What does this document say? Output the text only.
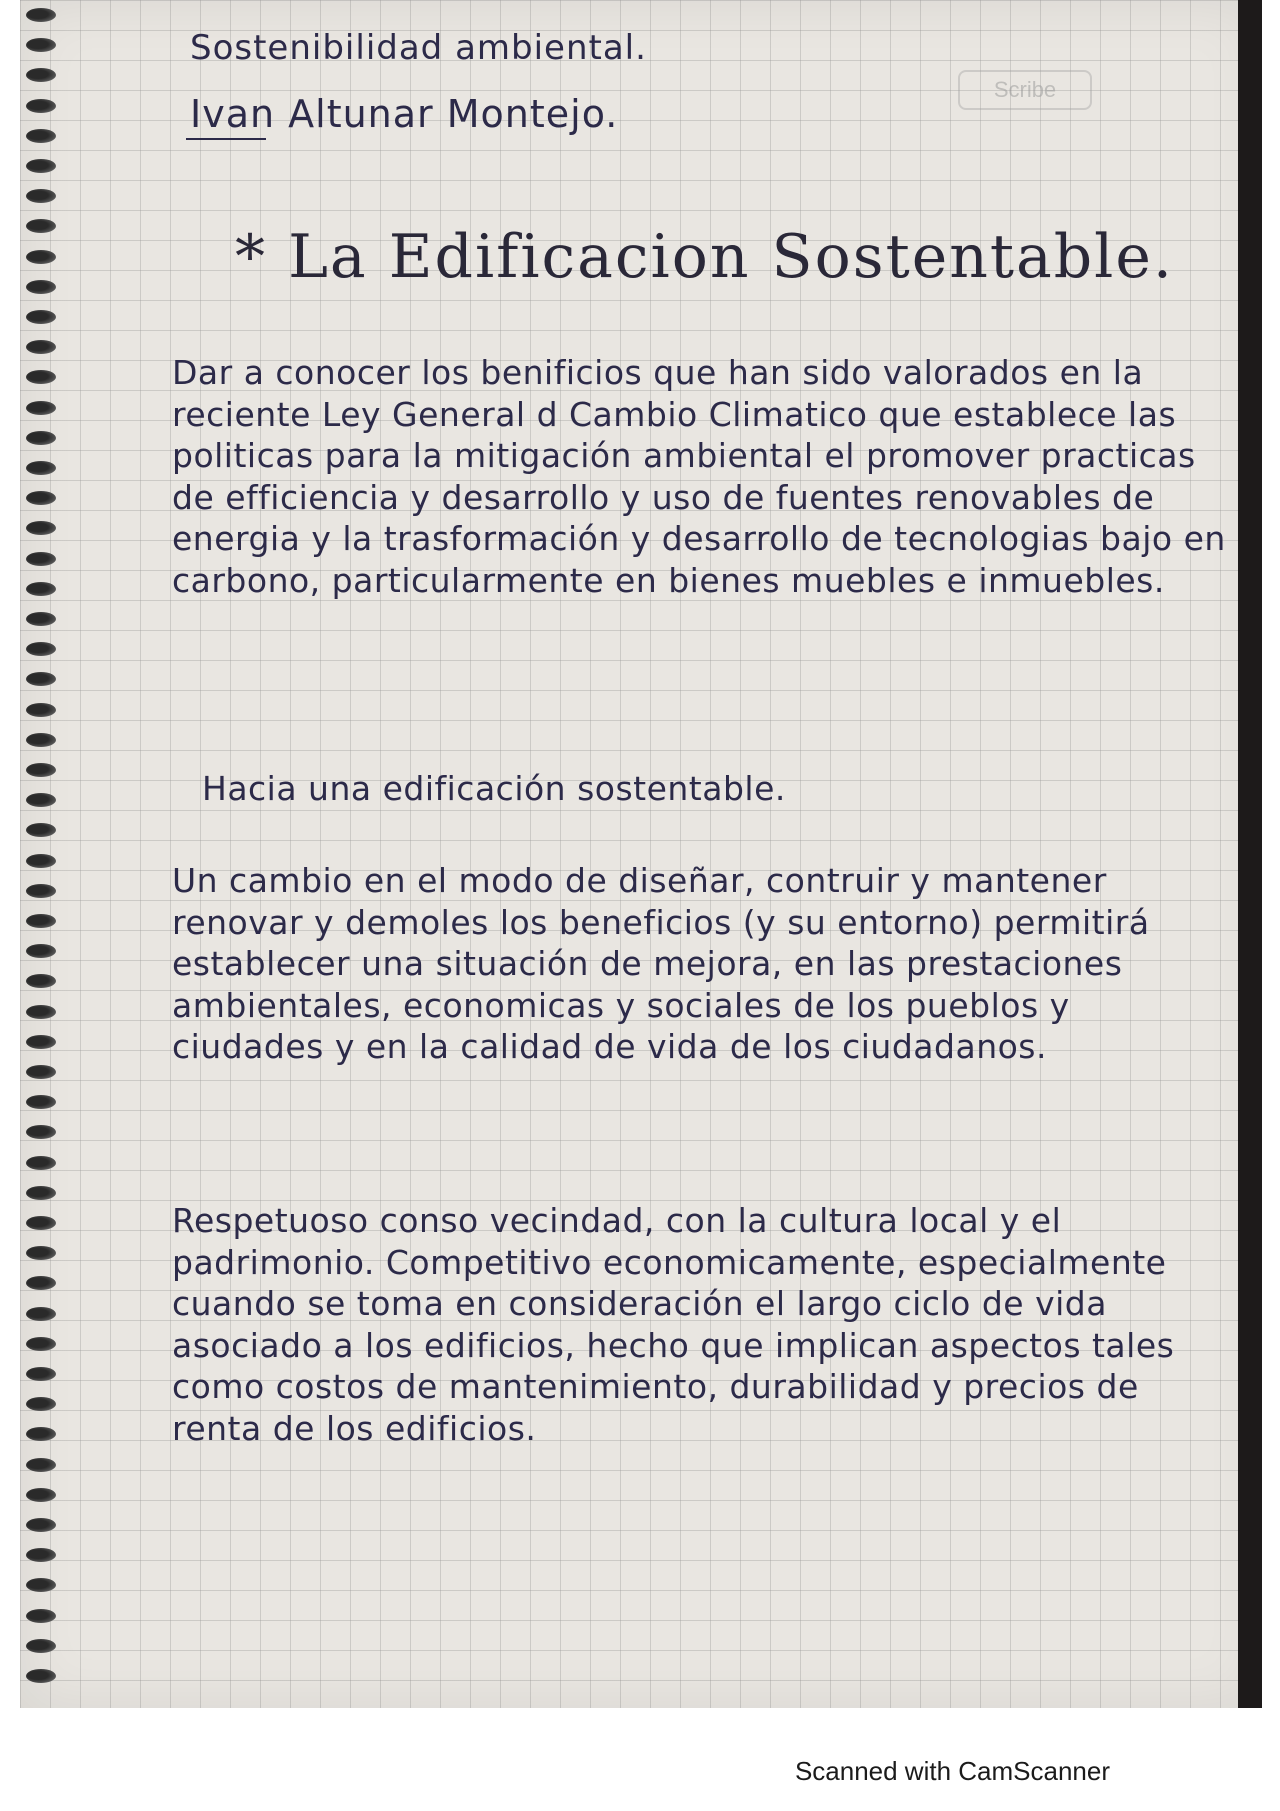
Scribe
Sostenibilidad ambiental.
Ivan Altunar Montejo.
* La Edificacion Sostentable.
Dar a conocer los benificios que han sido valorados en la reciente Ley General d Cambio Climatico que establece las politicas para la mitigación ambiental el promover practicas de efficiencia y desarrollo y uso de fuentes renovables de energia y la trasformación y desarrollo de tecnologias bajo en carbono, particularmente en bienes muebles e inmuebles.
Hacia una edificación sostentable.
Un cambio en el modo de diseñar, contruir y mantener renovar y demoles los beneficios (y su entorno) permitirá establecer una situación de mejora, en las prestaciones ambientales, economicas y sociales de los pueblos y ciudades y en la calidad de vida de los ciudadanos.
Respetuoso conso vecindad, con la cultura local y el padrimonio. Competitivo economicamente, especialmente cuando se toma en consideración el largo ciclo de vida asociado a los edificios, hecho que implican aspectos tales como costos de mantenimiento, durabilidad y precios de renta de los edificios.
Scanned with CamScanner
